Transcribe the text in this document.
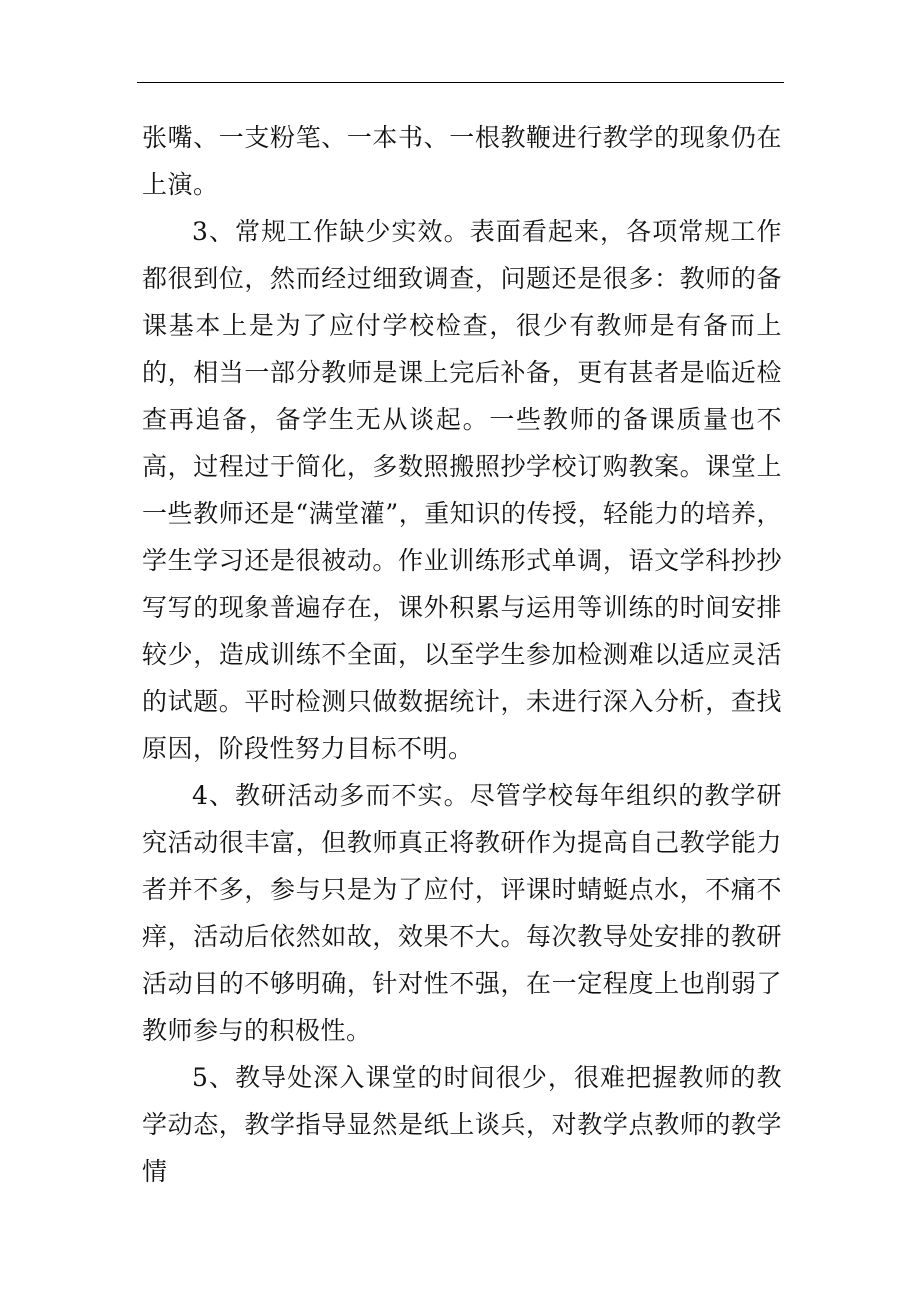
张嘴、一支粉笔、一本书、一根教鞭进行教学的现象仍在上演。

3、常规工作缺少实效。表面看起来，各项常规工作都很到位，然而经过细致调查，问题还是很多：教师的备课基本上是为了应付学校检查，很少有教师是有备而上的，相当一部分教师是课上完后补备，更有甚者是临近检查再追备，备学生无从谈起。一些教师的备课质量也不高，过程过于简化，多数照搬照抄学校订购教案。课堂上一些教师还是“满堂灌”，重知识的传授，轻能力的培养，学生学习还是很被动。作业训练形式单调，语文学科抄抄写写的现象普遍存在，课外积累与运用等训练的时间安排较少，造成训练不全面，以至学生参加检测难以适应灵活的试题。平时检测只做数据统计，未进行深入分析，查找原因，阶段性努力目标不明。

4、教研活动多而不实。尽管学校每年组织的教学研究活动很丰富，但教师真正将教研作为提高自己教学能力者并不多，参与只是为了应付，评课时蜻蜓点水，不痛不痒，活动后依然如故，效果不大。每次教导处安排的教研活动目的不够明确，针对性不强，在一定程度上也削弱了教师参与的积极性。

5、教导处深入课堂的时间很少，很难把握教师的教学动态，教学指导显然是纸上谈兵，对教学点教师的教学情
